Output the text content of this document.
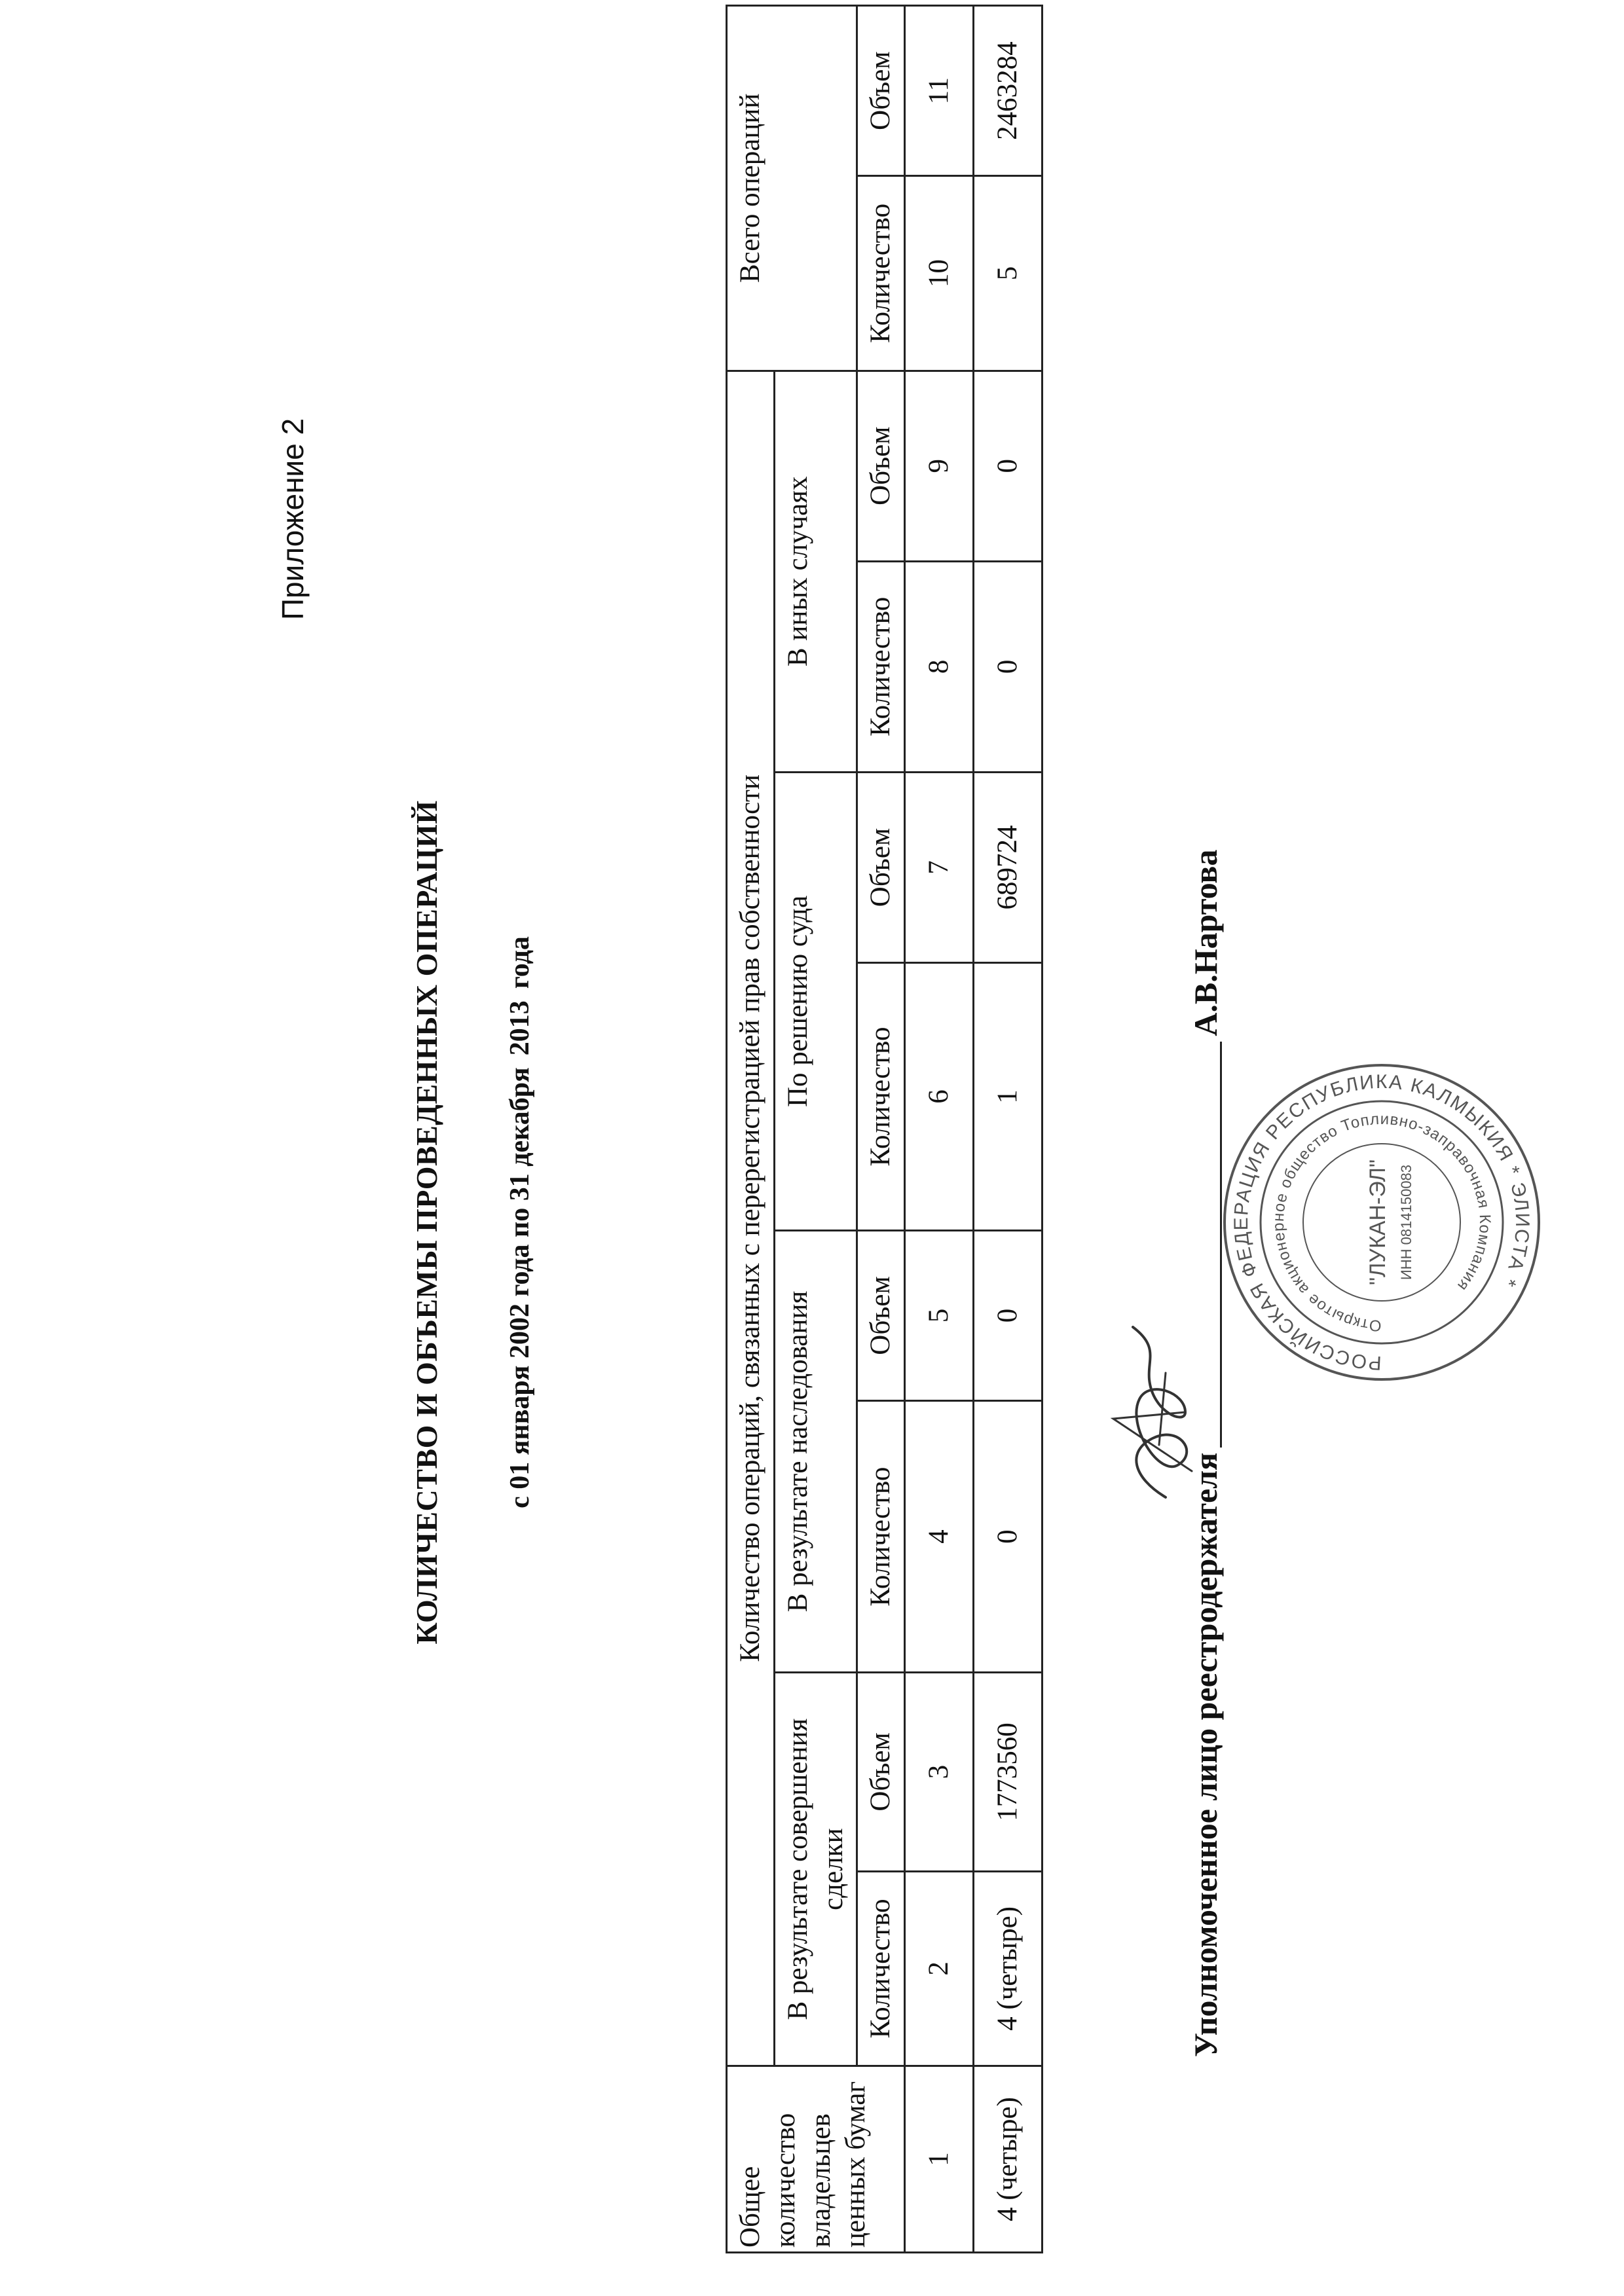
Приложение 2
КОЛИЧЕСТВО И ОБЪЕМЫ ПРОВЕДЕННЫХ ОПЕРАЦИЙ с 01 января 2002 года по 31 декабря2013года
Общее количество владельцев ценных бумаг	Количество операций, связанных с перерегистрацией прав собственности								Всего операций	
	В результате совершения сделки		В результате наследования		По решению суда		В иных случаях			
	Количество	Объем	Количество	Объем	Количество	Объем	Количество	Объем	Количество	Объем
1	2	3	4	5	6	7	8	9	10	11
4 (четыре)	4 (четыре)	1773560	0	0	1	689724	0	0	5	2463284
Уполномоченное лицо реестродержателяА.В.Нартова
РОССИЙСКАЯ ФЕДЕРАЦИЯ РЕСПУБЛИКА КАЛМЫКИЯ * ЭЛИСТА *
Открытое акционерное общество Топливно-заправочная Компания
"ЛУКАН-ЭЛ" ИНН 0814150083
